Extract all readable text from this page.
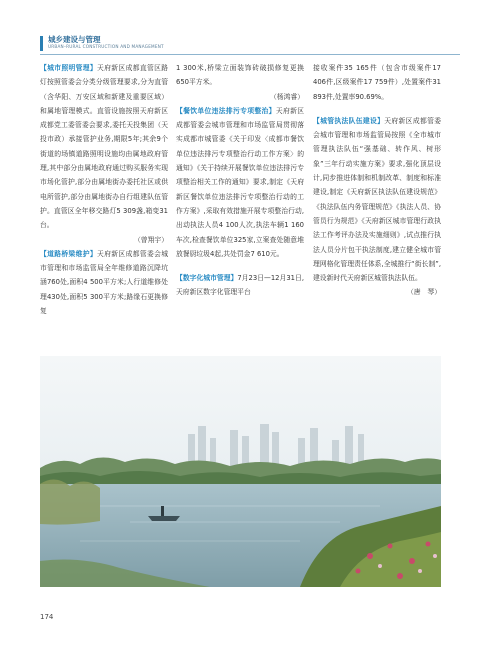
城乡建设与管理
URBAN–RURAL CONSTRUCTION AND MANAGEMENT

【城市照明管理】天府新区成都直管区路灯按照管委会分类分级管理要求,分为直管（含华阳、万安区域和新建及重要区域）和属地管理模式。直管设施按照天府新区成都党工委管委会要求,委托天投集团（天投市政）承接管护业务,期限5年;其余9个街道的场镇道路照明设施均由属地政府管理,其中部分由属地政府通过购买服务实现市场化管护,部分由属地街办委托社区或供电所管护,部分由属地街办自行组建队伍管护。直管区全年移交路灯5 309盏,箱变31台。

（曾翔宇）

【道路桥梁维护】天府新区成都管委会城市管理和市场监管局全年维修道路沉降坑涵760处,面积4 500平方米;人行道维修处理430处,面积5 300平方米;路缘石更换修复

1 300米,桥梁立面装饰砖破损修复更换650平方米。

（杨鸿睿）

【餐饮单位违法排污专项整治】天府新区成都管委会城市管理和市场监管局贯彻落实成都市城管委《关于印发〈成都市餐饮单位违法排污专项整治行动工作方案〉的通知》《关于持续开展餐饮单位违法排污专项整治相关工作的通知》要求,制定《天府新区餐饮单位违法排污专项整治行动的工作方案》,采取有效措施开展专项整治行动,出动执法人员4 100人次,执法车辆1 160车次,检查餐饮单位325家,立案查处随意堆放餐厨垃圾4起,共处罚金7 610元。

【数字化城市管理】7月23日—12月31日,天府新区数字化管理平台

接收案件35 165件（包含市级案件17 406件,区级案件17 759件）,处置案件31 893件,处置率90.69%。

【城管执法队伍建设】天府新区成都管委会城市管理和市场监管局按照《全市城市管理执法队伍“强基础、转作风、树形象”三年行动实施方案》要求,强化顶层设计,同步推进体制和机制改革、制度和标准建设,制定《天府新区执法队伍建设规范》《执法队伍内务管理规范》《执法人员、协管员行为规范》《天府新区城市管理行政执法工作考评办法及实施细则》,试点推行执法人员分片包干执法制度,建立健全城市管理网格化管理责任体系,全城推行“街长制”,建设新时代天府新区城管执法队伍。

（唐　琴）

174
